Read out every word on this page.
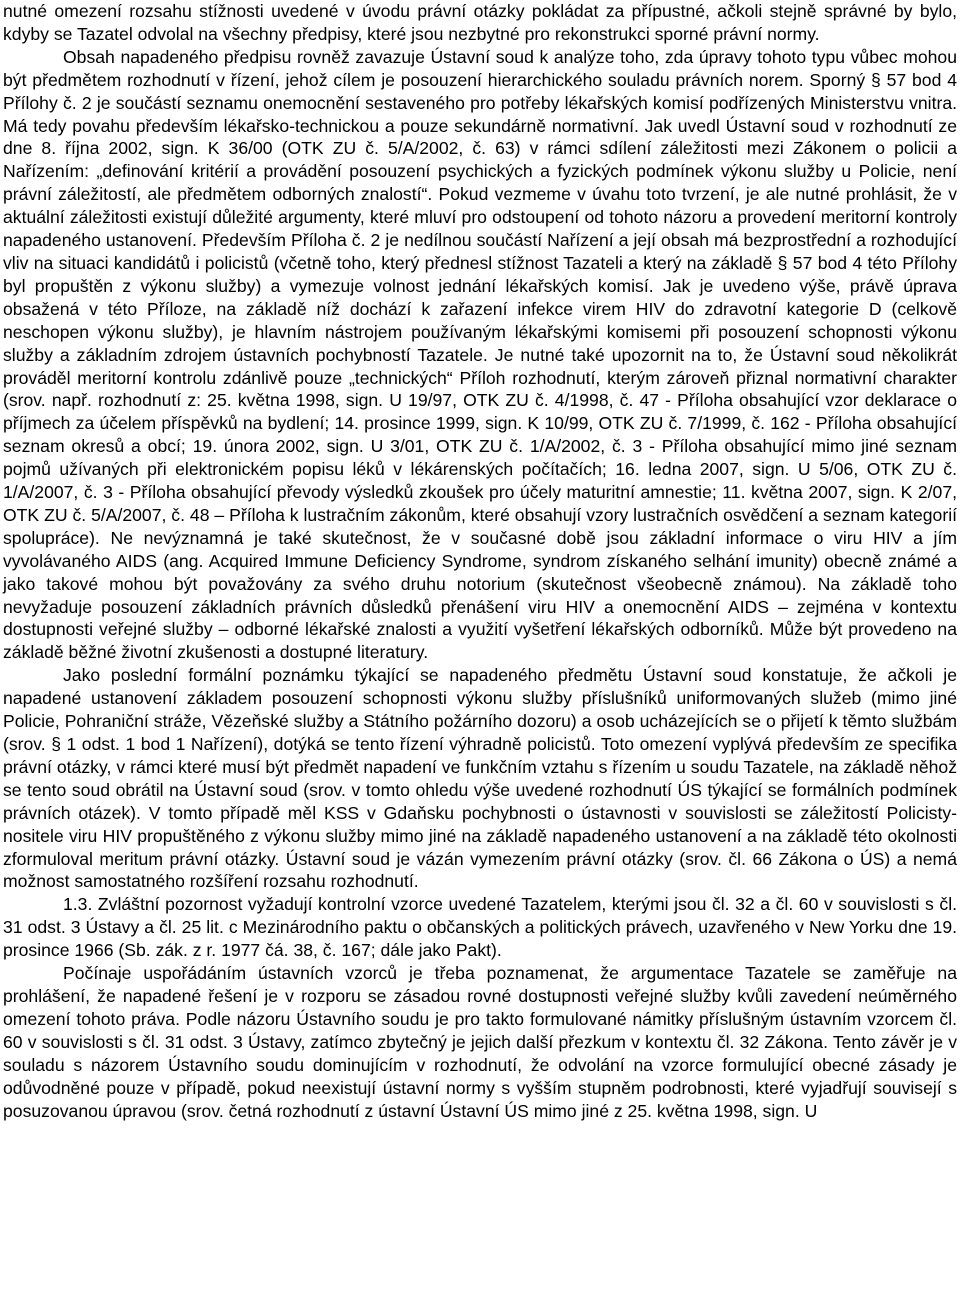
nutné omezení rozsahu stížnosti uvedené v úvodu právní otázky pokládat za přípustné, ačkoli stejně správné by bylo, kdyby se Tazatel odvolal na všechny předpisy, které jsou nezbytné pro rekonstrukci sporné právní normy.

Obsah napadeného předpisu rovněž zavazuje Ústavní soud k analýze toho, zda úpravy tohoto typu vůbec mohou být předmětem rozhodnutí v řízení, jehož cílem je posouzení hierarchického souladu právních norem. Sporný § 57 bod 4 Přílohy č. 2 je součástí seznamu onemocnění sestaveného pro potřeby lékařských komisí podřízených Ministerstvu vnitra. Má tedy povahu především lékařsko-technickou a pouze sekundárně normativní. Jak uvedl Ústavní soud v rozhodnutí ze dne 8. října 2002, sign. K 36/00 (OTK ZU č. 5/A/2002, č. 63) v rámci sdílení záležitosti mezi Zákonem o policii a Nařízením: „definování kritérií a provádění posouzení psychických a fyzických podmínek výkonu služby u Policie, není právní záležitostí, ale předmětem odborných znalostí“. Pokud vezmeme v úvahu toto tvrzení, je ale nutné prohlásit, že v aktuální záležitosti existují důležité argumenty, které mluví pro odstoupení od tohoto názoru a provedení meritorní kontroly napadeného ustanovení. Především Příloha č. 2 je nedílnou součástí Nařízení a její obsah má bezprostřední a rozhodující vliv na situaci kandidátů i policistů (včetně toho, který přednesl stížnost Tazateli a který na základě § 57 bod 4 této Přílohy byl propuštěn z výkonu služby) a vymezuje volnost jednání lékařských komisí. Jak je uvedeno výše, právě úprava obsažená v této Příloze, na základě níž dochází k zařazení infekce virem HIV do zdravotní kategorie D (celkově neschopen výkonu služby), je hlavním nástrojem používaným lékařskými komisemi při posouzení schopnosti výkonu služby a základním zdrojem ústavních pochybností Tazatele. Je nutné také upozornit na to, že Ústavní soud několikrát prováděl meritorní kontrolu zdánlivě pouze „technických“ Příloh rozhodnutí, kterým zároveň přiznal normativní charakter (srov. např. rozhodnutí z: 25. května 1998, sign. U 19/97, OTK ZU č. 4/1998, č. 47 - Příloha obsahující vzor deklarace o příjmech za účelem příspěvků na bydlení; 14. prosince 1999, sign. K 10/99, OTK ZU č. 7/1999, č. 162 - Příloha obsahující seznam okresů a obcí; 19. února 2002, sign. U 3/01, OTK ZU č. 1/A/2002, č. 3 - Příloha obsahující mimo jiné seznam pojmů užívaných při elektronickém popisu léků v lékárenských počítačích; 16. ledna 2007, sign. U 5/06, OTK ZU č. 1/A/2007, č. 3 - Příloha obsahující převody výsledků zkoušek pro účely maturitní amnestie; 11. května 2007, sign. K 2/07, OTK ZU č. 5/A/2007, č. 48 – Příloha k lustračním zákonům, které obsahují vzory lustračních osvědčení a seznam kategorií spolupráce). Ne nevýznamná je také skutečnost, že v současné době jsou základní informace o viru HIV a jím vyvolávaného AIDS (ang. Acquired Immune Deficiency Syndrome, syndrom získaného selhání imunity) obecně známé a jako takové mohou být považovány za svého druhu notorium (skutečnost všeobecně známou). Na základě toho nevyžaduje posouzení základních právních důsledků přenášení viru HIV a onemocnění AIDS – zejména v kontextu dostupnosti veřejné služby – odborné lékařské znalosti a využití vyšetření lékařských odborníků. Může být provedeno na základě běžné životní zkušenosti a dostupné literatury.

Jako poslední formální poznámku týkající se napadeného předmětu Ústavní soud konstatuje, že ačkoli je napadené ustanovení základem posouzení schopnosti výkonu služby příslušníků uniformovaných služeb (mimo jiné Policie, Pohraniční stráže, Vězeňské služby a Státního požárního dozoru) a osob ucházejících se o přijetí k těmto službám (srov. § 1 odst. 1 bod 1 Nařízení), dotýká se tento řízení výhradně policistů. Toto omezení vyplývá především ze specifika právní otázky, v rámci které musí být předmět napadení ve funkčním vztahu s řízením u soudu Tazatele, na základě něhož se tento soud obrátil na Ústavní soud (srov. v tomto ohledu výše uvedené rozhodnutí ÚS týkající se formálních podmínek právních otázek). V tomto případě měl KSS v Gdaňsku pochybnosti o ústavnosti v souvislosti se záležitostí Policisty-nositele viru HIV propuštěného z výkonu služby mimo jiné na základě napadeného ustanovení a na základě této okolnosti zformuloval meritum právní otázky. Ústavní soud je vázán vymezením právní otázky (srov. čl. 66 Zákona o ÚS) a nemá možnost samostatného rozšíření rozsahu rozhodnutí.

1.3. Zvláštní pozornost vyžadují kontrolní vzorce uvedené Tazatelem, kterými jsou čl. 32 a čl. 60 v souvislosti s čl. 31 odst. 3 Ústavy a čl. 25 lit. c Mezinárodního paktu o občanských a politických právech, uzavřeného v New Yorku dne 19. prosince 1966 (Sb. zák. z r. 1977 čá. 38, č. 167; dále jako Pakt).

Počínaje uspořádáním ústavních vzorců je třeba poznamenat, že argumentace Tazatele se zaměřuje na prohlášení, že napadené řešení je v rozporu se zásadou rovné dostupnosti veřejné služby kvůli zavedení neúměrného omezení tohoto práva. Podle názoru Ústavního soudu je pro takto formulované námitky příslušným ústavním vzorcem čl. 60 v souvislosti s čl. 31 odst. 3 Ústavy, zatímco zbytečný je jejich další přezkum v kontextu čl. 32 Zákona. Tento závěr je v souladu s názorem Ústavního soudu dominujícím v rozhodnutí, že odvolání na vzorce formulující obecné zásady je odůvodněné pouze v případě, pokud neexistují ústavní normy s vyšším stupněm podrobnosti, které vyjadřují souvisejí s posuzovanou úpravou (srov. četná rozhodnutí z ústavní Ústavní ÚS mimo jiné z 25. května 1998, sign. U
